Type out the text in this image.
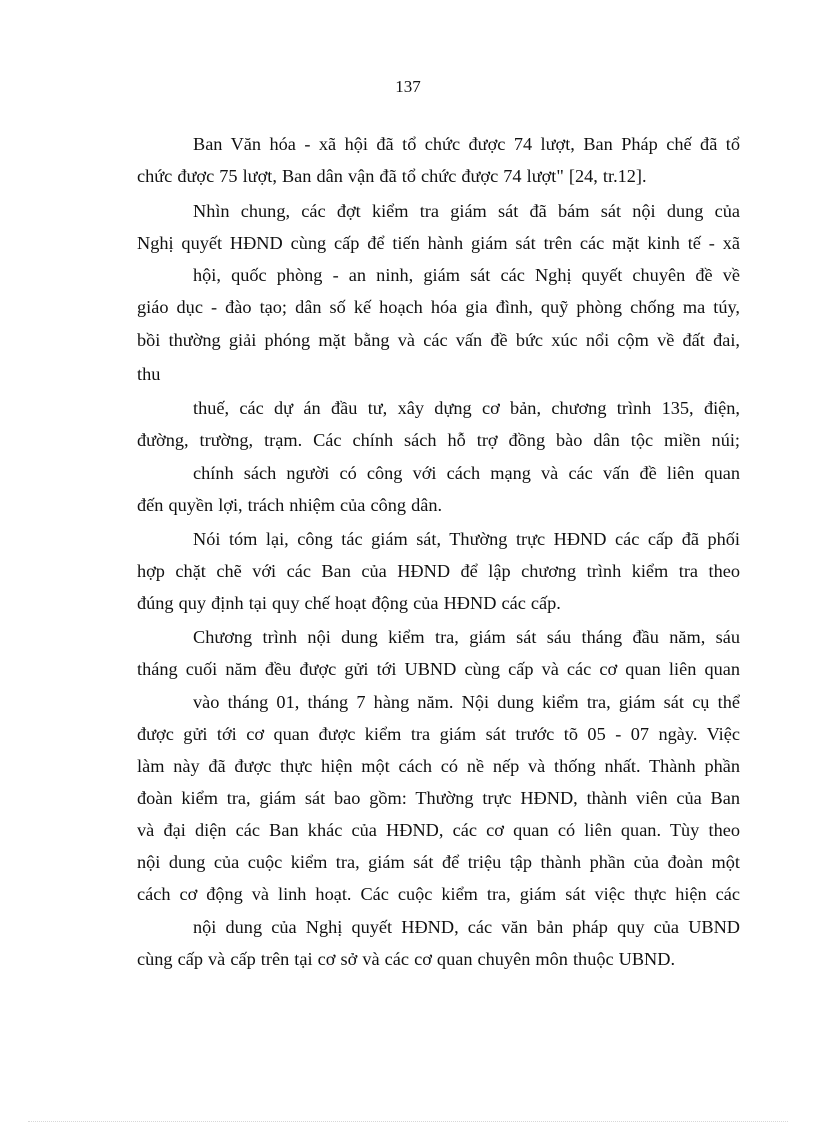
137
Ban Văn hóa - xã hội đã tổ chức được 74 lượt, Ban Pháp chế đã tổ
chức được 75 lượt, Ban dân vận đã tổ chức được 74 lượt" [24, tr.12].
Nhìn chung, các đợt kiểm tra giám sát đã bám sát nội dung của
Nghị quyết HĐND cùng cấp để tiến hành giám sát trên các mặt kinh tế - xã
hội, quốc phòng - an ninh, giám sát các Nghị quyết chuyên đề về
giáo dục - đào tạo; dân số kế hoạch hóa gia đình, quỹ phòng chống ma túy,
bồi thường giải phóng mặt bằng và các vấn đề bức xúc nổi cộm về đất đai,
thu
thuế, các dự án đầu tư, xây dựng cơ bản, chương trình 135, điện,
đường, trường, trạm. Các chính sách hỗ trợ đồng bào dân tộc miền núi;
chính sách người có công với cách mạng và các vấn đề liên quan
đến quyền lợi, trách nhiệm của công dân.
Nói tóm lại, công tác giám sát, Thường trực HĐND các cấp đã phối
hợp chặt chẽ với các Ban của HĐND để lập chương trình kiểm tra theo
đúng quy định tại quy chế hoạt động của HĐND các cấp.
Chương trình nội dung kiểm tra, giám sát sáu tháng đầu năm, sáu
tháng cuối năm đều được gửi tới UBND cùng cấp và các cơ quan liên quan
vào tháng 01, tháng 7 hàng năm. Nội dung kiểm tra, giám sát cụ thể
được gửi tới cơ quan được kiểm tra giám sát trước tõ 05 - 07 ngày. Việc
làm này đã được thực hiện một cách có nề nếp và thống nhất. Thành phần
đoàn kiểm tra, giám sát bao gồm: Thường trực HĐND, thành viên của Ban
và đại diện các Ban khác của HĐND, các cơ quan có liên quan. Tùy theo
nội dung của cuộc kiểm tra, giám sát để triệu tập thành phần của đoàn một
cách cơ động và linh hoạt. Các cuộc kiểm tra, giám sát việc thực hiện các
nội dung của Nghị quyết HĐND, các văn bản pháp quy của UBND
cùng cấp và cấp trên tại cơ sở và các cơ quan chuyên môn thuộc UBND.
